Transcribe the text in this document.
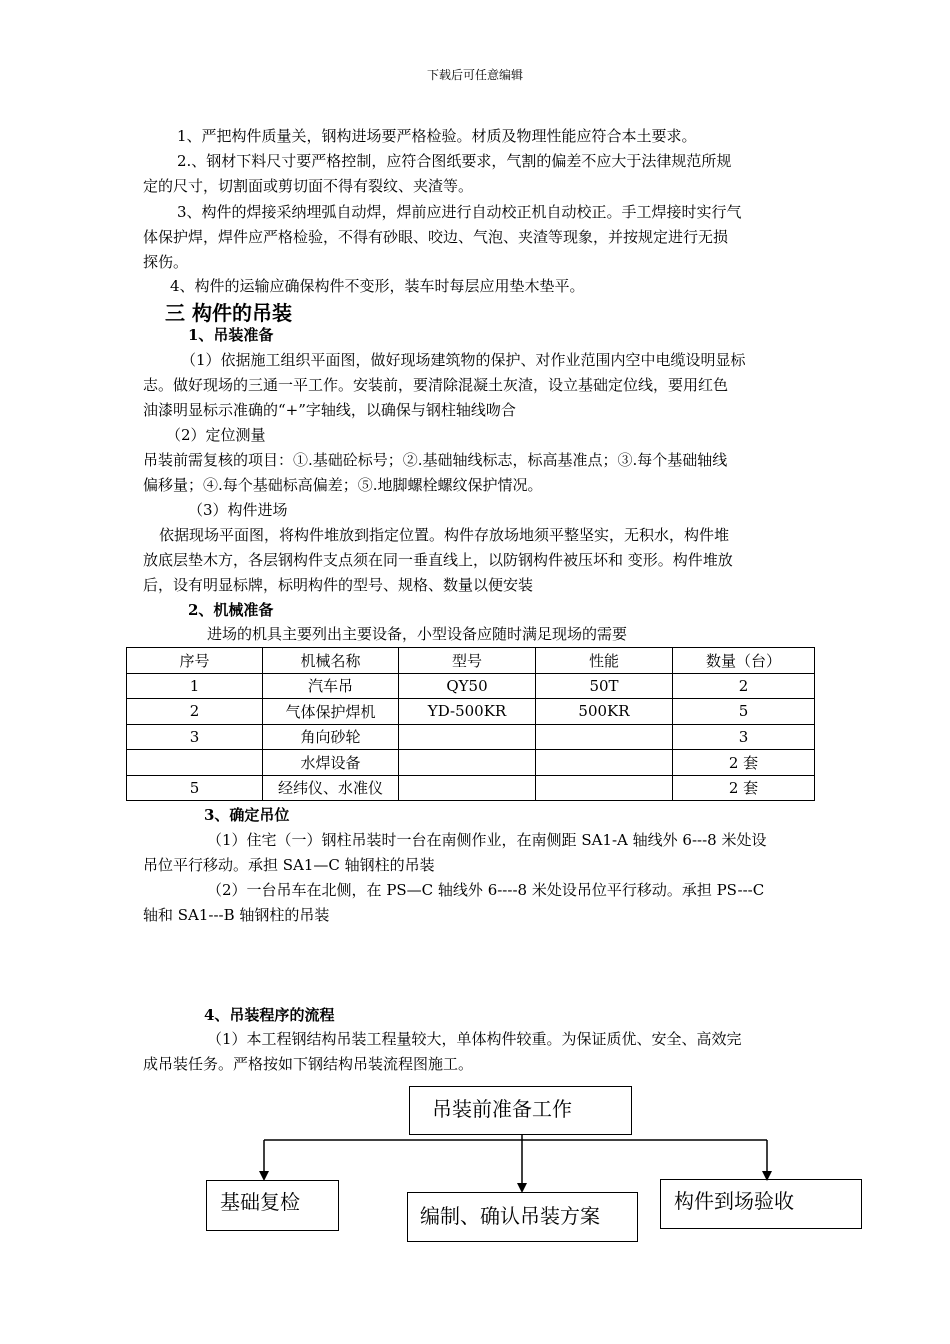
下载后可任意编辑
1、严把构件质量关，钢构进场要严格检验。材质及物理性能应符合本土要求。
2.、钢材下料尺寸要严格控制，应符合图纸要求，气割的偏差不应大于法律规范所规
定的尺寸，切割面或剪切面不得有裂纹、夹渣等。
3、构件的焊接采纳埋弧自动焊，焊前应进行自动校正机自动校正。手工焊接时实行气
体保护焊，焊件应严格检验，不得有砂眼、咬边、气泡、夹渣等现象，并按规定进行无损
探伤。
4、构件的运输应确保构件不变形，装车时每层应用垫木垫平。
三 构件的吊装
1、吊装准备
（1）依据施工组织平面图，做好现场建筑物的保护、对作业范围内空中电缆设明显标
志。做好现场的三通一平工作。安装前，要清除混凝土灰渣，设立基础定位线，要用红色
油漆明显标示准确的“+”字轴线，以确保与钢柱轴线吻合
（2）定位测量
吊装前需复核的项目：①.基础砼标号；②.基础轴线标志，标高基准点；③.每个基础轴线
偏移量；④.每个基础标高偏差；⑤.地脚螺栓螺纹保护情况。
（3）构件进场
依据现场平面图，将构件堆放到指定位置。构件存放场地须平整坚实，无积水，构件堆
放底层垫木方，各层钢构件支点须在同一垂直线上，以防钢构件被压坏和 变形。构件堆放
后，设有明显标牌，标明构件的型号、规格、数量以便安装
2、机械准备
进场的机具主要列出主要设备，小型设备应随时满足现场的需要
序号	机械名称	型号	性能	数量（台）
1	汽车吊	QY50	50T	2
2	气体保护焊机	YD-500KR	500KR	5
3	角向砂轮			3
	水焊设备			2 套
5	经纬仪、水准仪			2 套
3、确定吊位
（1）住宅（一）钢柱吊装时一台在南侧作业，在南侧距 SA1-A 轴线外 6---8 米处设
吊位平行移动。承担 SA1—C 轴钢柱的吊装
（2）一台吊车在北侧，在 PS—C 轴线外 6----8 米处设吊位平行移动。承担 PS---C
轴和 SA1---B 轴钢柱的吊装
4、吊装程序的流程
（1）本工程钢结构吊装工程量较大，单体构件较重。为保证质优、安全、高效完
成吊装任务。严格按如下钢结构吊装流程图施工。
吊装前准备工作
基础复检
编制、确认吊装方案
构件到场验收
